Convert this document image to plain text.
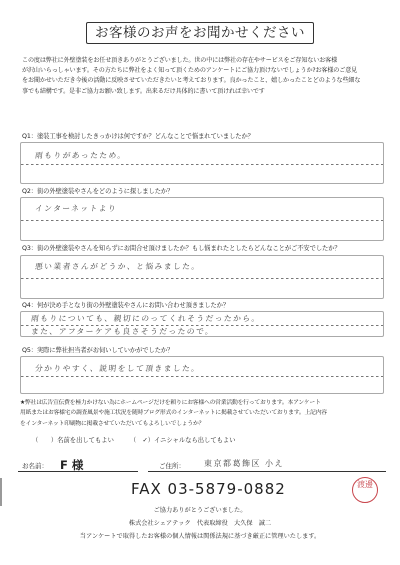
お客様のお声をお聞かせください

この度は弊社に外壁塗装をお任せ頂きありがとうございました。世の中には弊社の存在やサービスをご存知ないお客様

が沢山いらっしゃいます。その方たちに弊社をよく知って頂くためのアンケートにご協力頂けないでしょうか?お客様のご意見

をお聞かせいただき今後の活動に反映させていただきたいと考えております。良かったこと、嬉しかったことどのような些細な

事でも結構です。是非ご協力お願い致します。出来るだけ具体的に書いて頂ければ幸いです

Q1：塗装工事を検討したきっかけは何ですか？どんなことで悩まれていましたか？
雨もりがあったため。
Q2：街の外壁塗装やさんをどのように探しましたか？
インターネットより
Q3：街の外壁塗装やさんを知らずにお問合せ頂けましたか？もし悩まれたとしたらどんなことがご不安でしたか？
悪い業者さんがどうか、と悩みました。
Q4：何が決め手となり街の外壁塗装やさんにお問い合わせ頂きましたか？
雨もりについても、親切にのってくれそうだったから。
また、アフターケアも良さそうだったので。
Q5：実際に弊社担当者がお伺いしていかがでしたか？
分かりやすく、説明をして頂きました。

★弊社は広告宣伝費を極力かけない為にホームページだけを頼りにお客様への営業活動を行っております。本アンケート

用紙またはお客様宅の調査風景や施工状況を随時ブログ形式のインターネットに掲載させていただいております。上記内容

をインターネット印刷物に掲載させていただいてもよろしいでしょうか？

（　　）名前を出してもよい	（　✓）イニシャルなら出してもよい
お名前： F 様	ご住所： 東京都葛飾区 小え
FAX 03-5879-0882	渡邊
ご協力ありがとうございました。
株式会社シェアテック　代表取締役　大久保　誠二
当アンケートで取得したお客様の個人情報は関係法規に基づき厳正に管理いたします。
